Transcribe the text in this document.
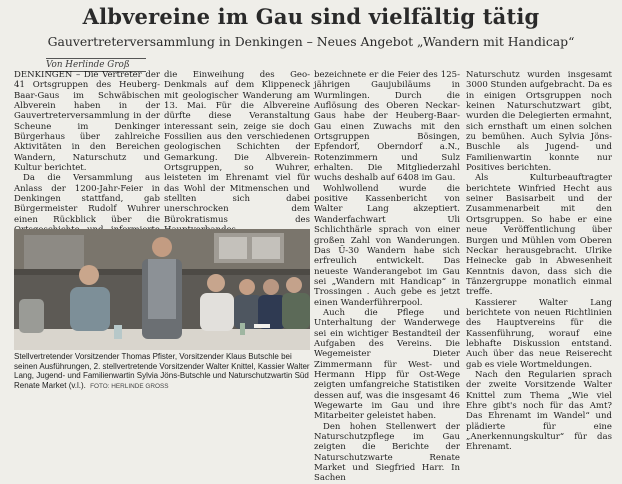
Albvereine im Gau sind vielfältig tätig
Gauvertreterversammlung in Denkingen – Neues Angebot „Wandern mit Handicap“
Von Herlinde Groß

DENKINGEN – Die Vertreter der 41 Ortsgruppen des Heuberg-Baar-Gaus im Schwäbischen Albverein haben in der Gauvertreterversammlung in der Scheune im Denkinger Bürgerhaus über zahlreiche Aktivitäten in den Bereichen Wandern, Naturschutz und Kultur berichtet.

Da die Versammlung aus Anlass der 1200-Jahr-Feier in Denkingen stattfand, gab Bürgermeister Rudolf Wuhrer einen Rückblick über die

die Einweihung des Geo-Denkmals auf dem Klippeneck mit geologischer Wanderung am 13. Mai. Für die Albvereine dürfte diese Veranstaltung interessant sein, zeige sie doch Fossilien aus den verschiedenen geologischen Schichten der Gemarkung. Die Albverein-Ortsgruppen, so Wuhrer, leisteten im Ehrenamt viel für das Wohl der Mitmenschen und stellten sich dabei unerschrocken dem Bürokratismus des

bezeichnete er die Feier des 125-jährigen Gaujubiläums in Wurmlingen. Durch die Auflösung des Oberen Neckar-Gaus habe der Heuberg-Baar-Gau einen Zuwachs mit den Ortsgruppen Bösingen, Epfendorf, Oberndorf a.N., Rotenzimmern und Sulz erhalten. Die Mitgliederzahl wuchs deshalb auf 6408 im Gau.

Wohlwollend wurde die positive Kassenbericht von Walter Lang akzeptiert. Wanderfachwart Uli Schlichthärle sprach von einer großen Zahl von Wanderungen. Das Ü-30 Wandern habe sich erfreulich entwickelt. Das neueste Wanderangebot im Gau sei „Wandern mit Handicap“ in Trossingen . Auch gebe es jetzt einen Wanderführerpool.

Auch die Pflege und Unterhaltung der Wanderwege sei ein wichtiger Bestandteil der Aufgaben des Vereins. Die Wegemeister Dieter Zimmermann für West- und Hermann Hipp für Ost-Wege zeigten umfangreiche Statistiken dessen auf, was die insgesamt 46 Wegewarte im Gau und ihre Mitarbeiter geleistet haben.

Den hohen Stellenwert der Naturschutzpflege im Gau zeigten die Berichte der Naturschutzwarte Renate Market und Siegfried Harr. In Sachen

Naturschutz wurden insgesamt 3000 Stunden aufgebracht. Da es in einigen Ortsgruppen noch keinen Naturschutzwart gibt, wurden die Delegierten ermahnt, sich ernsthaft um einen solchen zu bemühen. Auch Sylvia Jöns-Buschle als Jugend- und Familienwartin konnte nur Positives berichten.

Als Kulturbeauftragter berichtete Winfried Hecht aus seiner Basisarbeit und der Zusammenarbeit mit den Ortsgruppen. So habe er eine neue Veröffentlichung über Burgen und Mühlen vom Oberen Neckar herausgebracht. Ulrike Heinecke gab in Abwesenheit Kenntnis davon, dass sich die Tänzergruppe monatlich einmal treffe.

Kassierer Walter Lang berichtete von neuen Richtlinien des Hauptvereins für die Kassenführung, worauf eine lebhafte Diskussion entstand. Auch über das neue Reiserecht gab es viele Wortmeldungen.

Nach den Regularien sprach der zweite Vorsitzende Walter Knittel zum Thema „Wie viel Ehre gibt's noch für das Amt? Das Ehrenamt im Wandel“ und plädierte für eine „Anerkennungskultur“ für das Ehrenamt.

Stellvertretender Vorsitzender Thomas Pfister, Vorsitzender Klaus Butschle bei seinen Ausführungen, 2. stellvertretende Vorsitzender Walter Knittel, Kassier Walter Lang, Jugend- und Familienwartin Sylvia Jöns-Butschle und Naturschutzwartin Süd Renate Market (v.l.). FOTO: HERLINDE GROSS
